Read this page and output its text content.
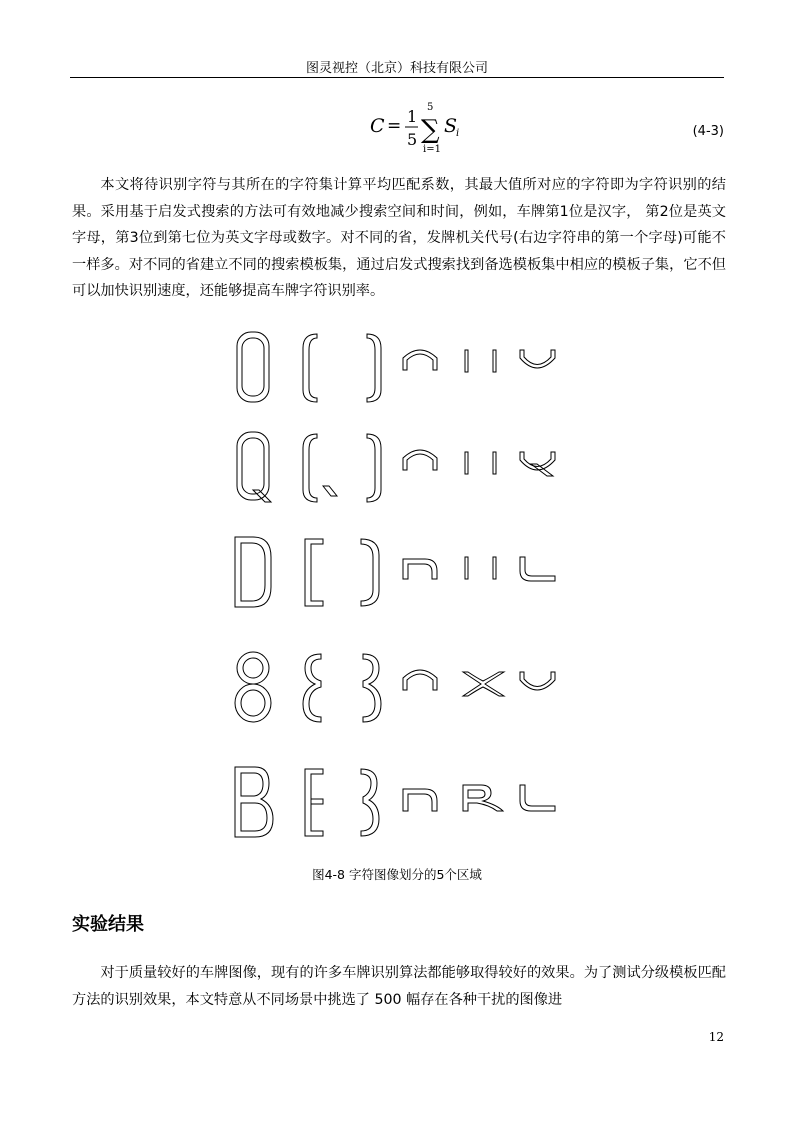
图灵视控（北京）科技有限公司
C = 1
5
5
∑
i=1
S
i	(4-3)

本文将待识别字符与其所在的字符集计算平均匹配系数，其最大值所对应的字符即为字符识别的结果。采用基于启发式搜索的方法可有效地减少搜索空间和时间，例如，车牌第1位是汉字， 第2位是英文字母，第3位到第七位为英文字母或数字。对不同的省，发牌机关代号(右边字符串的第一个字母)可能不一样多。对不同的省建立不同的搜索模板集，通过启发式搜索找到备选模板集中相应的模板子集，它不但可以加快识别速度，还能够提高车牌字符识别率。

图4-8 字符图像划分的5个区域
实验结果

对于质量较好的车牌图像，现有的许多车牌识别算法都能够取得较好的效果。为了测试分级模板匹配方法的识别效果，本文特意从不同场景中挑选了 500 幅存在各种干扰的图像进

12
